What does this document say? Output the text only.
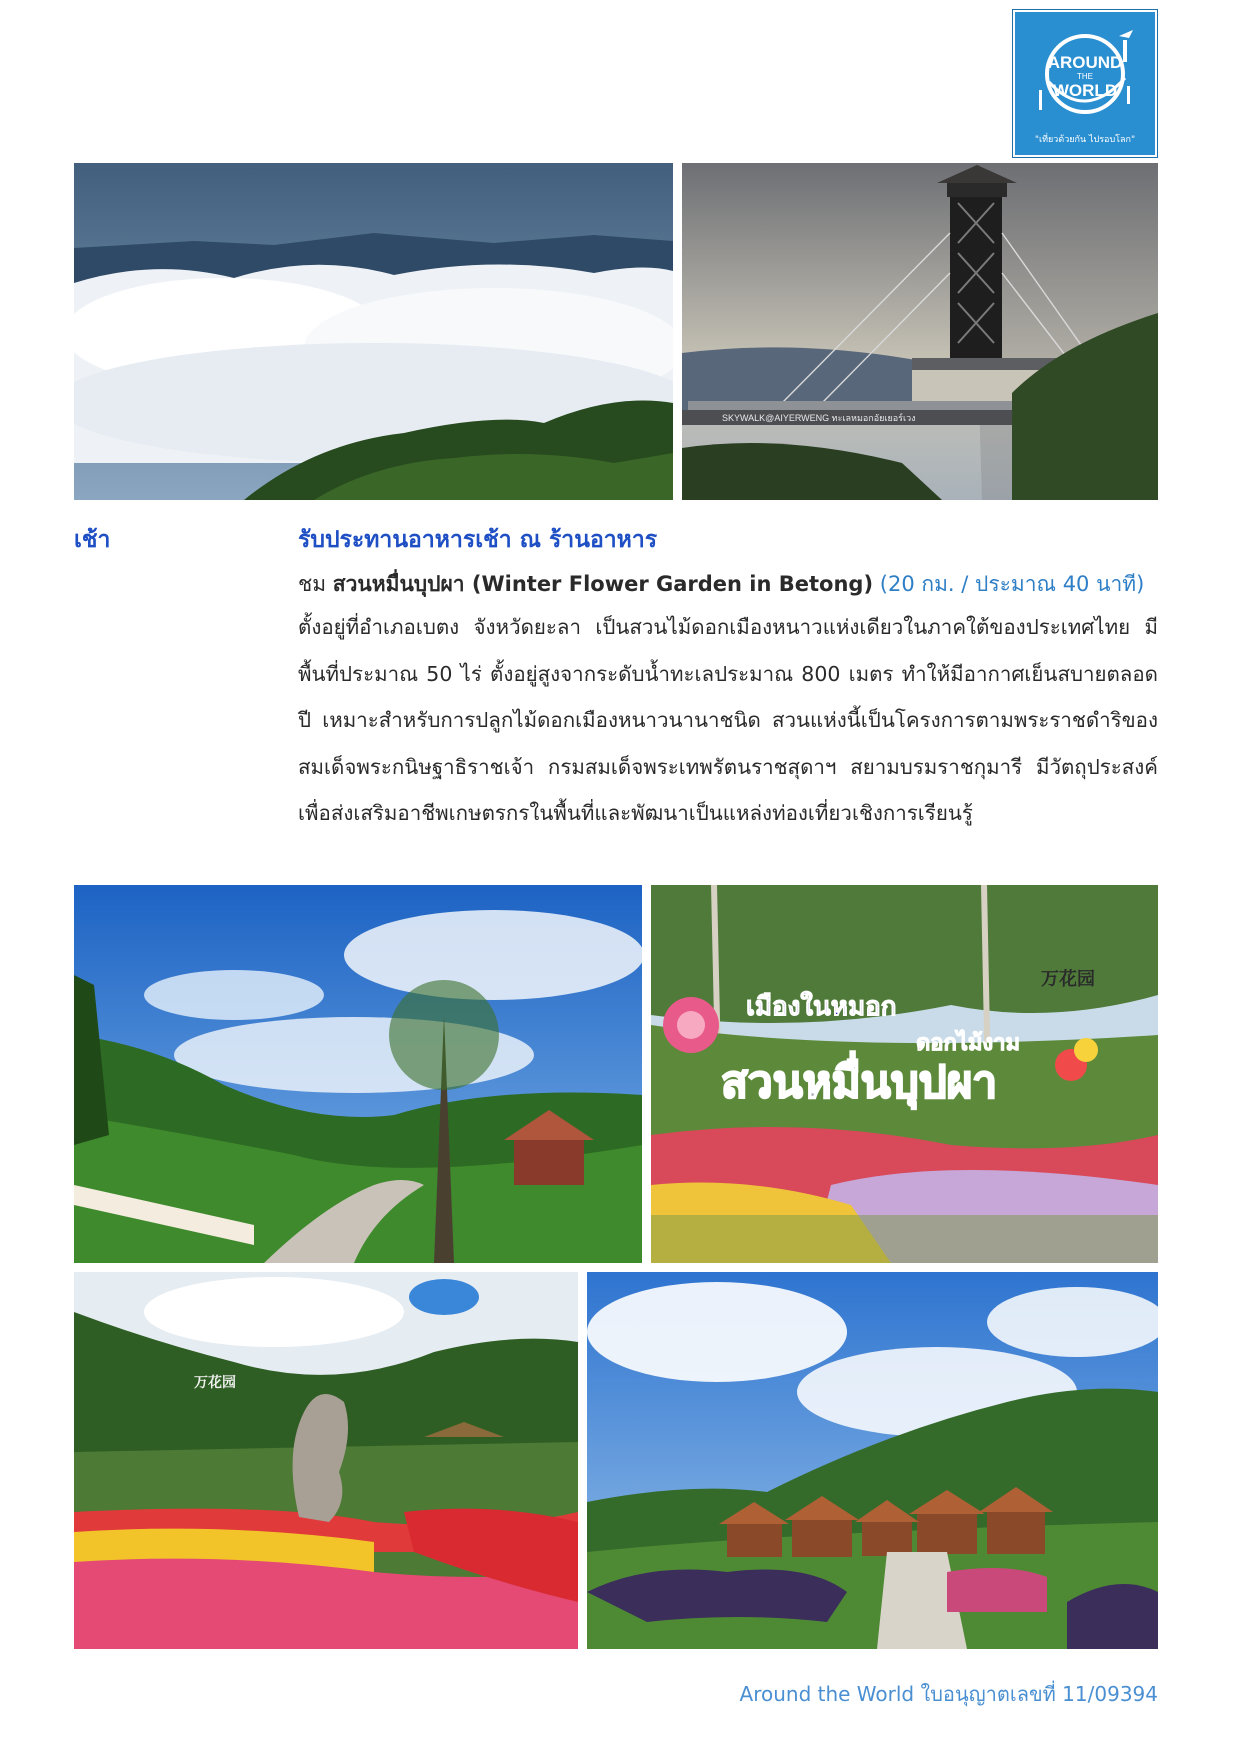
AROUND
THE
WORLD
"เที่ยวด้วยกัน ไปรอบโลก"
SKYWALK@AIYERWENG ทะเลหมอกอัยเยอร์เวง
เช้า	รับประทานอาหารเช้า ณ ร้านอาหาร
ชม สวนหมื่นบุปผา (Winter Flower Garden in Betong) (20 กม. / ประมาณ 40 นาที)
ตั้งอยู่ที่อำเภอเบตง จังหวัดยะลา เป็นสวนไม้ดอกเมืองหนาวแห่งเดียวในภาคใต้ของประเทศไทย มีพื้นที่ประมาณ 50 ไร่ ตั้งอยู่สูงจากระดับน้ำทะเลประมาณ 800 เมตร ทำให้มีอากาศเย็นสบายตลอดปี เหมาะสำหรับการปลูกไม้ดอกเมืองหนาวนานาชนิด สวนแห่งนี้เป็นโครงการตามพระราชดำริของสมเด็จพระกนิษฐาธิราชเจ้า กรมสมเด็จพระเทพรัตนราชสุดาฯ สยามบรมราชกุมารี มีวัตถุประสงค์เพื่อส่งเสริมอาชีพเกษตรกรในพื้นที่และพัฒนาเป็นแหล่งท่องเที่ยวเชิงการเรียนรู้
เมืองในหมอก
ดอกไม้งาม
สวนหมื่นบุปผา
万花园
万花园
Around the World ใบอนุญาตเลขที่ 11/09394
